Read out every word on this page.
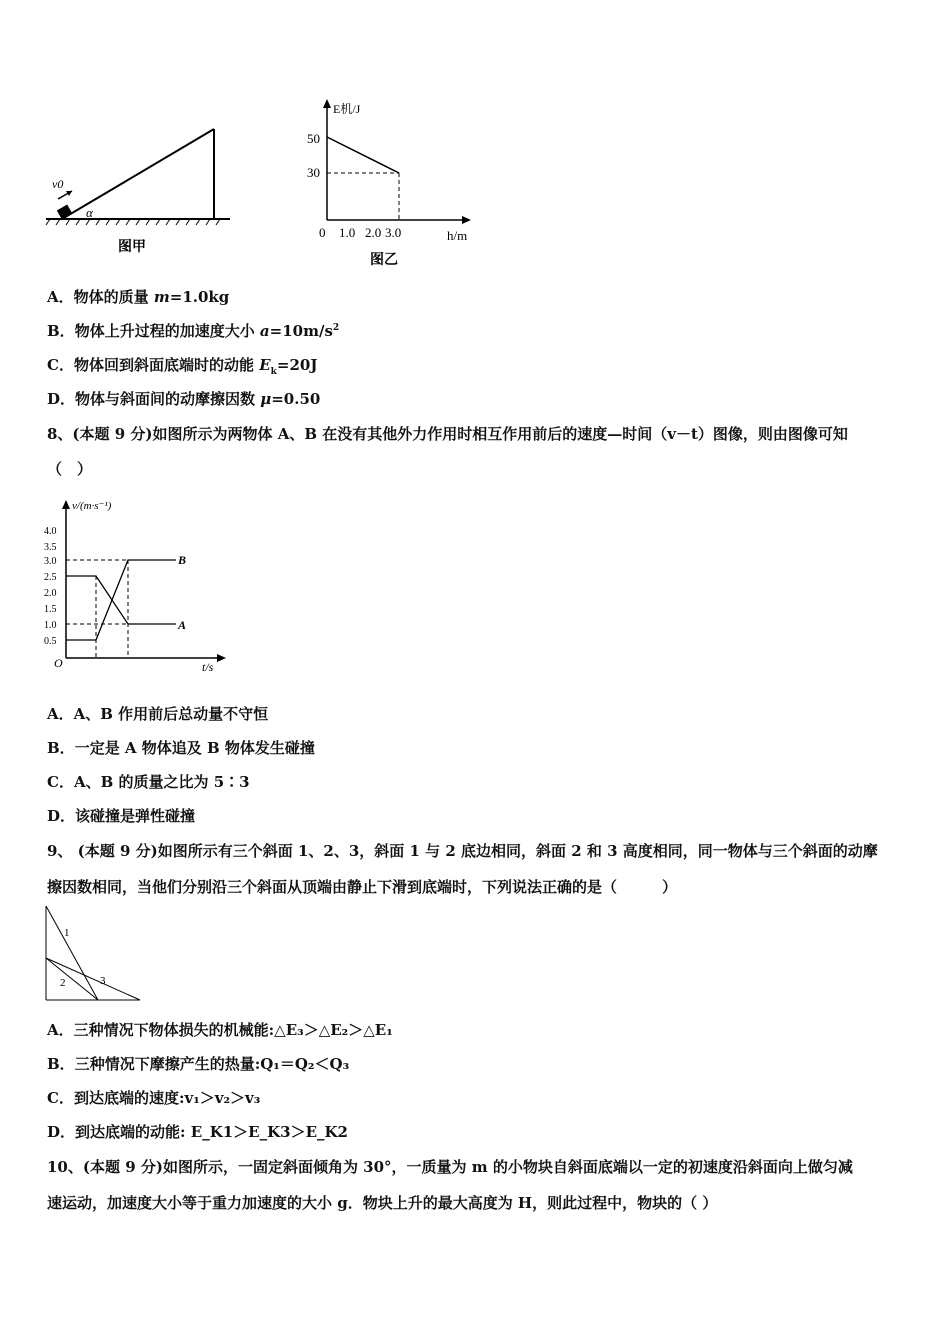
v0
α
图甲
E机/J
h/m
50
30
0 1.0 2.0 3.0
图乙
A．物体的质量 m=1.0kg
B．物体上升过程的加速度大小 $a=10m/s^2$
C．物体回到斜面底端时的动能 $E_k=20J$
D．物体与斜面间的动摩擦因数 μ=0.50
8、(本题 9 分)如图所示为两物体 A、B 在没有其他外力作用时相互作用前后的速度—时间（v－t）图像，则由图像可知
（　）
v/(m·s⁻¹)
t/s
O
4.0
3.5
3.0
2.5
2.0
1.5
1.0
0.5
B
A
A．A、B 作用前后总动量不守恒
B．一定是 A 物体追及 B 物体发生碰撞
C．A、B 的质量之比为 5∶3
D．该碰撞是弹性碰撞
9、 (本题 9 分)如图所示有三个斜面 1、2、3，斜面 1 与 2 底边相同，斜面 2 和 3 高度相同，同一物体与三个斜面的动摩
擦因数相同，当他们分别沿三个斜面从顶端由静止下滑到底端时，下列说法正确的是（　　　）
1
2	3
A．三种情况下物体损失的机械能:△E₃＞△E₂＞△E₁
B．三种情况下摩擦产生的热量:Q₁＝Q₂＜Q₃
C．到达底端的速度:v₁＞v₂＞v₃
D．到达底端的动能: E_K1＞E_K3＞E_K2
10、(本题 9 分)如图所示，一固定斜面倾角为 30°，一质量为 m 的小物块自斜面底端以一定的初速度沿斜面向上做匀减
速运动，加速度大小等于重力加速度的大小 g．物块上升的最大高度为 H，则此过程中，物块的（ ）
